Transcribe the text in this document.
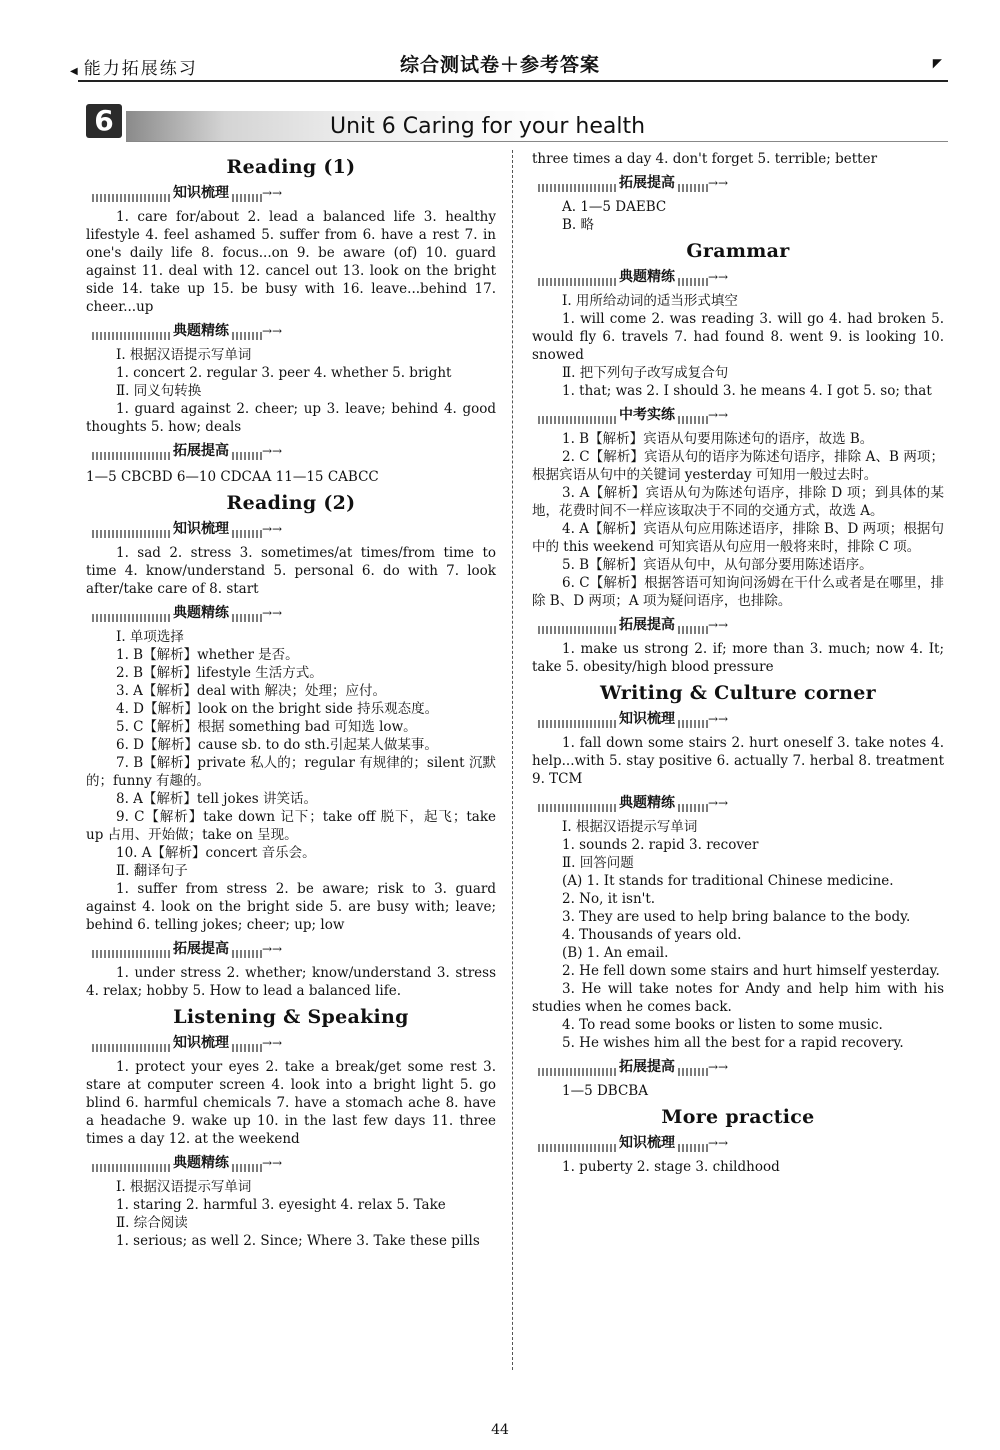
◀ 能力拓展练习	综合测试卷＋参考答案	◤
6	Unit 6 Caring for your health
Reading (1)
知识梳理	→→

1. care for/about 2. lead a balanced life 3. healthy lifestyle 4. feel ashamed 5. suffer from 6. have a rest 7. in one's daily life 8. focus...on 9. be aware (of) 10. guard against 11. deal with 12. cancel out 13. look on the bright side 14. take up 15. be busy with 16. leave...behind 17. cheer...up

典题精练	→→

Ⅰ. 根据汉语提示写单词

1. concert 2. regular 3. peer 4. whether 5. bright

Ⅱ. 同义句转换

1. guard against 2. cheer; up 3. leave; behind 4. good thoughts 5. how; deals

拓展提高	→→

1—5 CBCBD 6—10 CDCAA 11—15 CABCC

Reading (2)
知识梳理	→→

1. sad 2. stress 3. sometimes/at times/from time to time 4. know/understand 5. personal 6. do with 7. look after/take care of 8. start

典题精练	→→

Ⅰ. 单项选择

1. B【解析】whether 是否。

2. B【解析】lifestyle 生活方式。

3. A【解析】deal with 解决；处理；应付。

4. D【解析】look on the bright side 持乐观态度。

5. C【解析】根据 something bad 可知选 low。

6. D【解析】cause sb. to do sth.引起某人做某事。

7. B【解析】private 私人的；regular 有规律的；silent 沉默的；funny 有趣的。

8. A【解析】tell jokes 讲笑话。

9. C【解析】take down 记下；take off 脱下，起飞；take up 占用、开始做；take on 呈现。

10. A【解析】concert 音乐会。

Ⅱ. 翻译句子

1. suffer from stress 2. be aware; risk to 3. guard against 4. look on the bright side 5. are busy with; leave; behind 6. telling jokes; cheer; up; low

拓展提高	→→

1. under stress 2. whether; know/understand 3. stress 4. relax; hobby 5. How to lead a balanced life.

Listening & Speaking
知识梳理	→→

1. protect your eyes 2. take a break/get some rest 3. stare at computer screen 4. look into a bright light 5. go blind 6. harmful chemicals 7. have a stomach ache 8. have a headache 9. wake up 10. in the last few days 11. three times a day 12. at the weekend

典题精练	→→

Ⅰ. 根据汉语提示写单词

1. staring 2. harmful 3. eyesight 4. relax 5. Take

Ⅱ. 综合阅读

1. serious; as well 2. Since; Where 3. Take these pills

three times a day 4. don't forget 5. terrible; better

拓展提高	→→

A. 1—5 DAEBC

B. 略

Grammar
典题精练	→→

Ⅰ. 用所给动词的适当形式填空

1. will come 2. was reading 3. will go 4. had broken 5. would fly 6. travels 7. had found 8. went 9. is looking 10. snowed

Ⅱ. 把下列句子改写成复合句

1. that; was 2. I should 3. he means 4. I got 5. so; that

中考实练	→→

1. B【解析】宾语从句要用陈述句的语序，故选 B。

2. C【解析】宾语从句的语序为陈述句语序，排除 A、B 两项；根据宾语从句中的关键词 yesterday 可知用一般过去时。

3. A【解析】宾语从句为陈述句语序，排除 D 项；到具体的某地，花费时间不一样应该取决于不同的交通方式，故选 A。

4. A【解析】宾语从句应用陈述语序，排除 B、D 两项；根据句中的 this weekend 可知宾语从句应用一般将来时，排除 C 项。

5. B【解析】宾语从句中，从句部分要用陈述语序。

6. C【解析】根据答语可知询问汤姆在干什么或者是在哪里，排除 B、D 两项；A 项为疑问语序，也排除。

拓展提高	→→

1. make us strong 2. if; more than 3. much; now 4. It; take 5. obesity/high blood pressure

Writing & Culture corner
知识梳理	→→

1. fall down some stairs 2. hurt oneself 3. take notes 4. help...with 5. stay positive 6. actually 7. herbal 8. treatment 9. TCM

典题精练	→→

Ⅰ. 根据汉语提示写单词

1. sounds 2. rapid 3. recover

Ⅱ. 回答问题

(A) 1. It stands for traditional Chinese medicine.

2. No, it isn't.

3. They are used to help bring balance to the body.

4. Thousands of years old.

(B) 1. An email.

2. He fell down some stairs and hurt himself yesterday.

3. He will take notes for Andy and help him with his studies when he comes back.

4. To read some books or listen to some music.

5. He wishes him all the best for a rapid recovery.

拓展提高	→→

1—5 DBCBA

More practice
知识梳理	→→

1. puberty 2. stage 3. childhood

44
